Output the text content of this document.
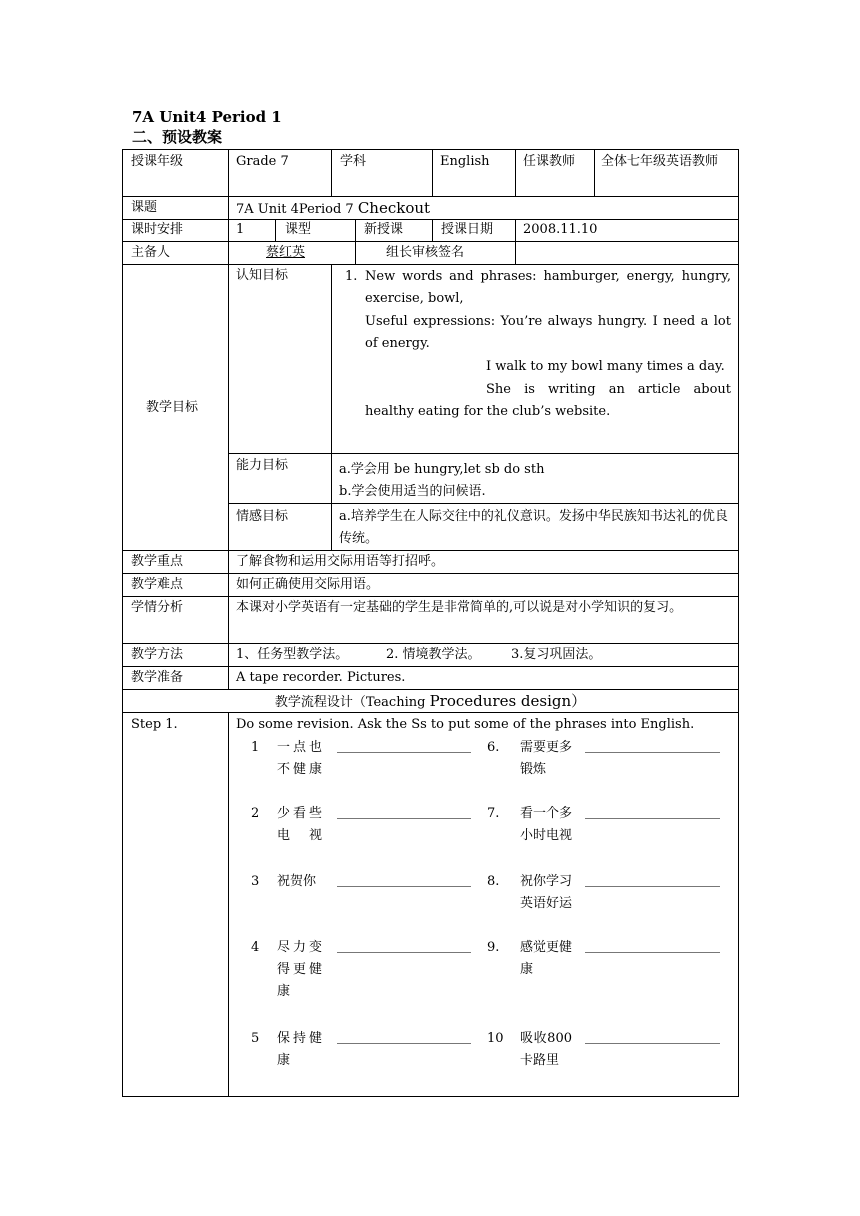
7A Unit4 Period 1
二、预设教案
授课年级	Grade 7	学科	English	任课教师 全体七年级英语教师
课题	7A Unit 4Period 7 Checkout
课时安排	1	课型	新授课	授课日期 2008.11.10
主备人	蔡红英	组长审核签名
教学目标
认知目标	1. New words and phrases: hamburger, energy, hungry, exercise, bowl,
Useful expressions: You’re always hungry. I need a lot of energy.
I walk to my bowl many times a day.
She is writing an article about healthy eating for the club’s website.
能力目标	a.学会用 be hungry,let sb do sth
b.学会使用适当的问候语.
情感目标	a.培养学生在人际交往中的礼仪意识。发扬中华民族知书达礼的优良传统。
教学重点	了解食物和运用交际用语等打招呼。
教学难点	如何正确使用交际用语。
学情分析	本课对小学英语有一定基础的学生是非常简单的,可以说是对小学知识的复习。
教学方法	1、任务型教学法。	2. 情境教学法。 3.复习巩固法。
教学准备	A tape recorder. Pictures.
教学流程设计（Teaching Procedures design）
Step 1.	Do some revision. Ask the Ss to put some of the phrases into English.
1 一点也不健康
2 少看些电视
3 祝贺你
4 尽力变得更健康
5 保持健康
6. 需要更多锻炼
7. 看一个多小时电视
8. 祝你学习英语好运
9. 感觉更健康
10 吸收800卡路里
